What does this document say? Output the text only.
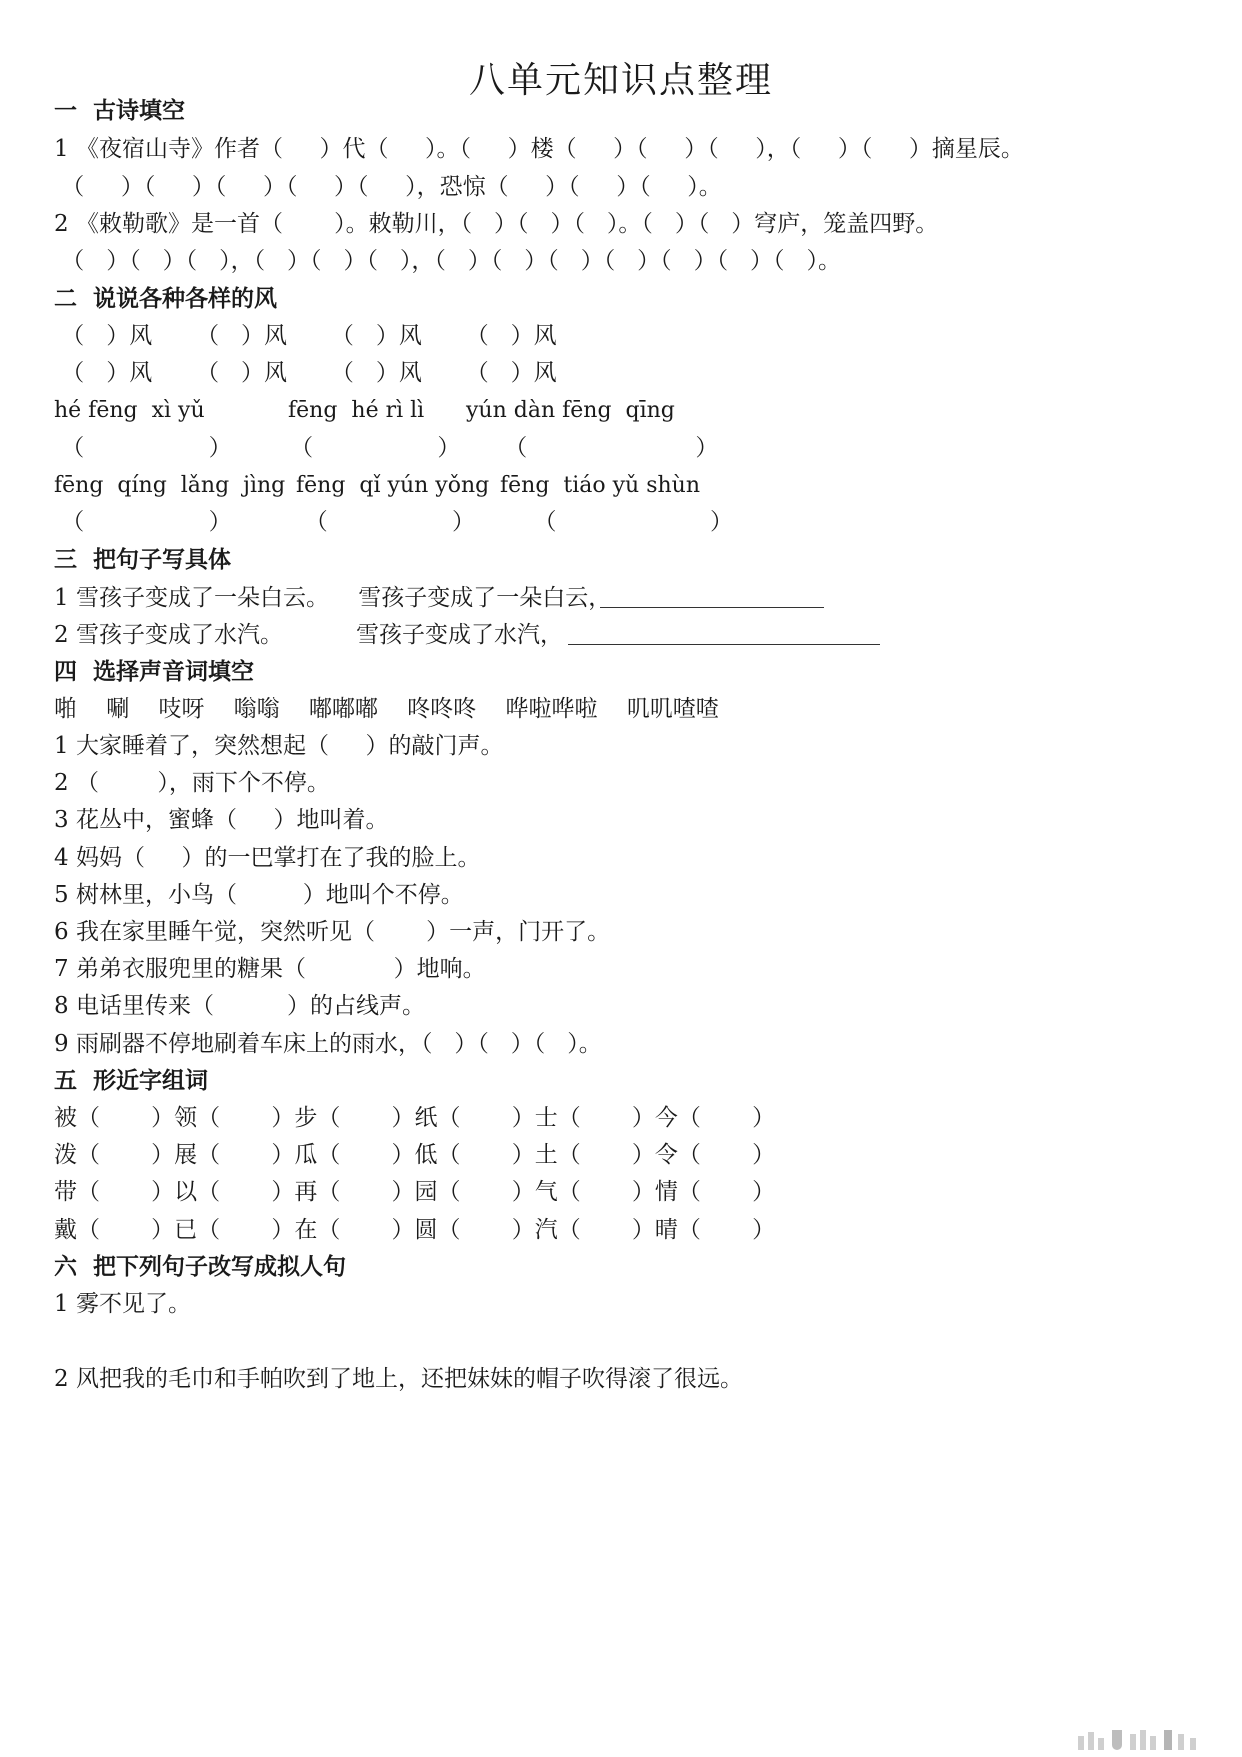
八单元知识点整理
一  古诗填空
1 《夜宿山寺》作者（     ）代（     ）。（     ）楼（     ）（     ）（     ），（     ）（     ）摘星辰。
（     ）（     ）（     ）（     ）（     ），恐惊（     ）（     ）（     ）。
2 《敕勒歌》是一首（       ）。敕勒川，（   ）（   ）（   ）。（   ）（   ）穹庐，笼盖四野。
（   ）（   ）（   ），（   ）（   ）（   ），（   ）（   ）（   ）（   ）（   ）（   ）（   ）。
二  说说各种各样的风
（   ）风      （   ）风      （   ）风      （   ）风
（   ）风      （   ）风      （   ）风      （   ）风
hé fēng  xì yǔ	fēng  hé rì lì yún dàn fēng  qīng
（                 ）        （                 ）      （                       ）
fēng  qíng  lǎng  jìng fēng  qǐ yún yǒng fēng  tiáo yǔ shùn
（                 ）          （                 ）        （                     ）
三  把句子写具体
1 雪孩子变成了一朵白云。    雪孩子变成了一朵白云，
2 雪孩子变成了水汽。          雪孩子变成了水汽，
四  选择声音词填空
啪    唰    吱呀    嗡嗡    嘟嘟嘟    咚咚咚    哗啦哗啦    叽叽喳喳
1 大家睡着了，突然想起（     ）的敲门声。
2 （        ），雨下个不停。
3 花丛中，蜜蜂（     ）地叫着。
4 妈妈（     ）的一巴掌打在了我的脸上。
5 树林里，小鸟（         ）地叫个不停。
6 我在家里睡午觉，突然听见（       ）一声，门开了。
7 弟弟衣服兜里的糖果（            ）地响。
8 电话里传来（          ）的占线声。
9 雨刷器不停地刷着车床上的雨水，（   ）（   ）（   ）。
五  形近字组词
被（       ）领（       ）步（       ）纸（       ）士（       ）今（       ）
泼（       ）展（       ）瓜（       ）低（       ）土（       ）令（       ）
带（       ）以（       ）再（       ）园（       ）气（       ）情（       ）
戴（       ）已（       ）在（       ）圆（       ）汽（       ）晴（       ）
六  把下列句子改写成拟人句
1 雾不见了。
2 风把我的毛巾和手帕吹到了地上，还把妹妹的帽子吹得滚了很远。
